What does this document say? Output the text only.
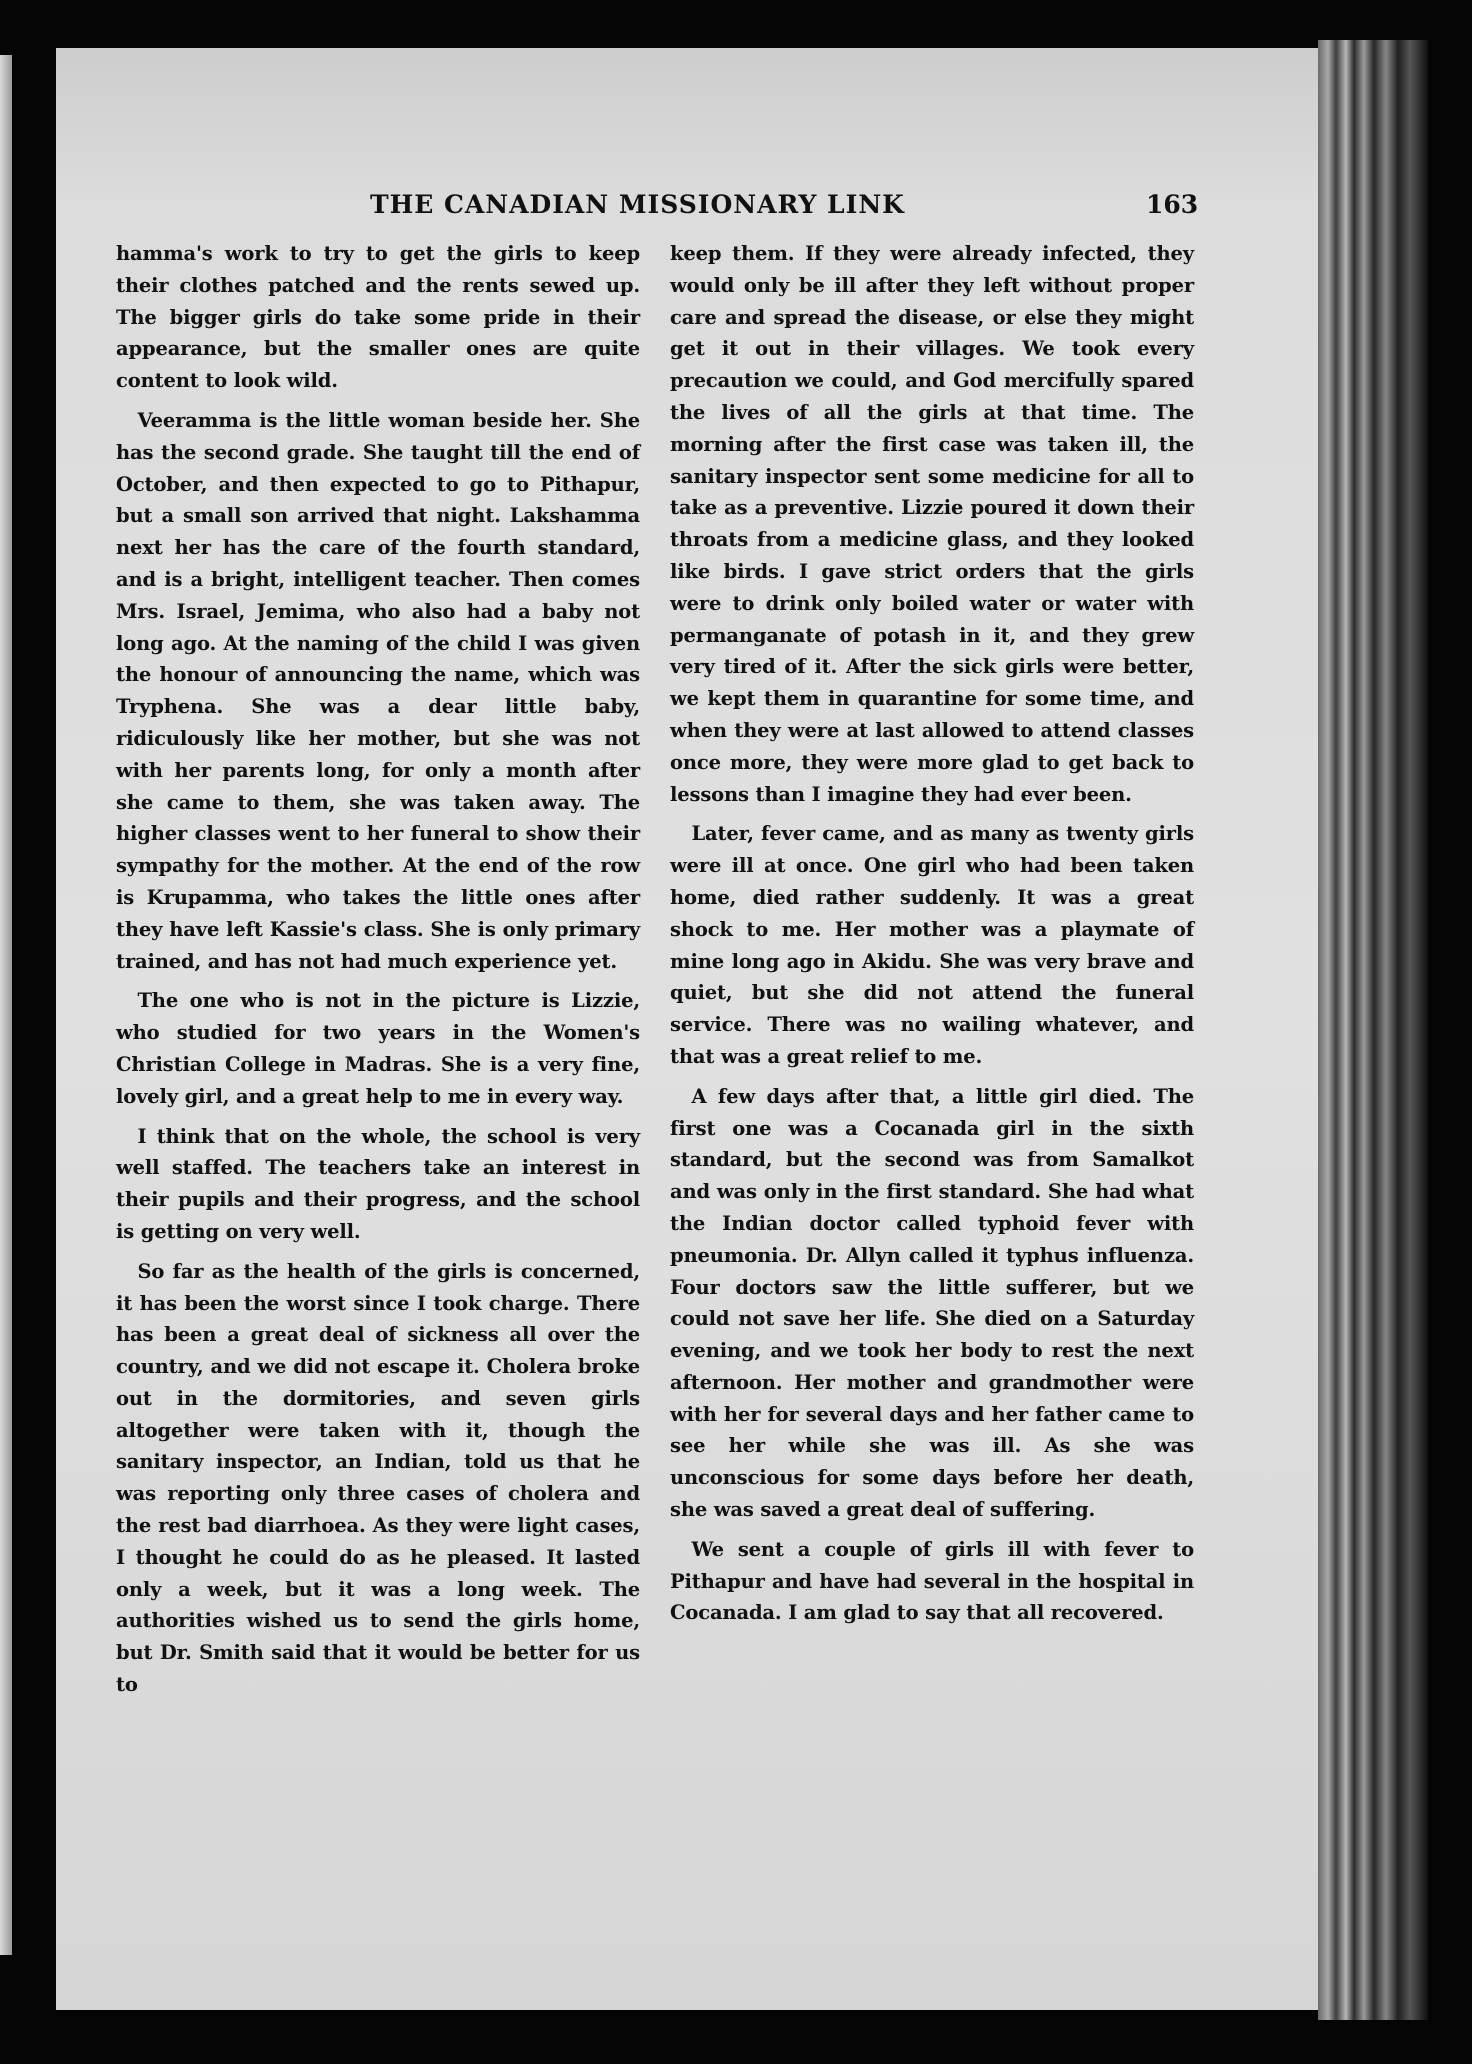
THE CANADIAN MISSIONARY LINK	163

hamma's work to try to get the girls to keep their clothes patched and the rents sewed up. The bigger girls do take some pride in their appearance, but the smaller ones are quite content to look wild.

Veeramma is the little woman beside her. She has the second grade. She taught till the end of October, and then expected to go to Pithapur, but a small son arrived that night. Lakshamma next her has the care of the fourth standard, and is a bright, intelligent teacher. Then comes Mrs. Israel, Jemima, who also had a baby not long ago. At the naming of the child I was given the honour of announcing the name, which was Tryphena. She was a dear little baby, ridiculously like her mother, but she was not with her parents long, for only a month after she came to them, she was taken away. The higher classes went to her funeral to show their sympathy for the mother. At the end of the row is Krupamma, who takes the little ones after they have left Kassie's class. She is only primary trained, and has not had much experience yet.

The one who is not in the picture is Lizzie, who studied for two years in the Women's Christian College in Madras. She is a very fine, lovely girl, and a great help to me in every way.

I think that on the whole, the school is very well staffed. The teachers take an interest in their pupils and their progress, and the school is getting on very well.

So far as the health of the girls is concerned, it has been the worst since I took charge. There has been a great deal of sickness all over the country, and we did not escape it. Cholera broke out in the dormitories, and seven girls altogether were taken with it, though the sanitary inspector, an Indian, told us that he was reporting only three cases of cholera and the rest bad diarrhoea. As they were light cases, I thought he could do as he pleased. It lasted only a week, but it was a long week. The authorities wished us to send the girls home, but Dr. Smith said that it would be better for us to

keep them. If they were already infected, they would only be ill after they left without proper care and spread the disease, or else they might get it out in their villages. We took every precaution we could, and God mercifully spared the lives of all the girls at that time. The morning after the first case was taken ill, the sanitary inspector sent some medicine for all to take as a preventive. Lizzie poured it down their throats from a medicine glass, and they looked like birds. I gave strict orders that the girls were to drink only boiled water or water with permanganate of potash in it, and they grew very tired of it. After the sick girls were better, we kept them in quarantine for some time, and when they were at last allowed to attend classes once more, they were more glad to get back to lessons than I imagine they had ever been.

Later, fever came, and as many as twenty girls were ill at once. One girl who had been taken home, died rather suddenly. It was a great shock to me. Her mother was a playmate of mine long ago in Akidu. She was very brave and quiet, but she did not attend the funeral service. There was no wailing whatever, and that was a great relief to me.

A few days after that, a little girl died. The first one was a Cocanada girl in the sixth standard, but the second was from Samalkot and was only in the first standard. She had what the Indian doctor called typhoid fever with pneumonia. Dr. Allyn called it typhus influenza. Four doctors saw the little sufferer, but we could not save her life. She died on a Saturday evening, and we took her body to rest the next afternoon. Her mother and grandmother were with her for several days and her father came to see her while she was ill. As she was unconscious for some days before her death, she was saved a great deal of suffering.

We sent a couple of girls ill with fever to Pithapur and have had several in the hospital in Cocanada. I am glad to say that all recovered.
